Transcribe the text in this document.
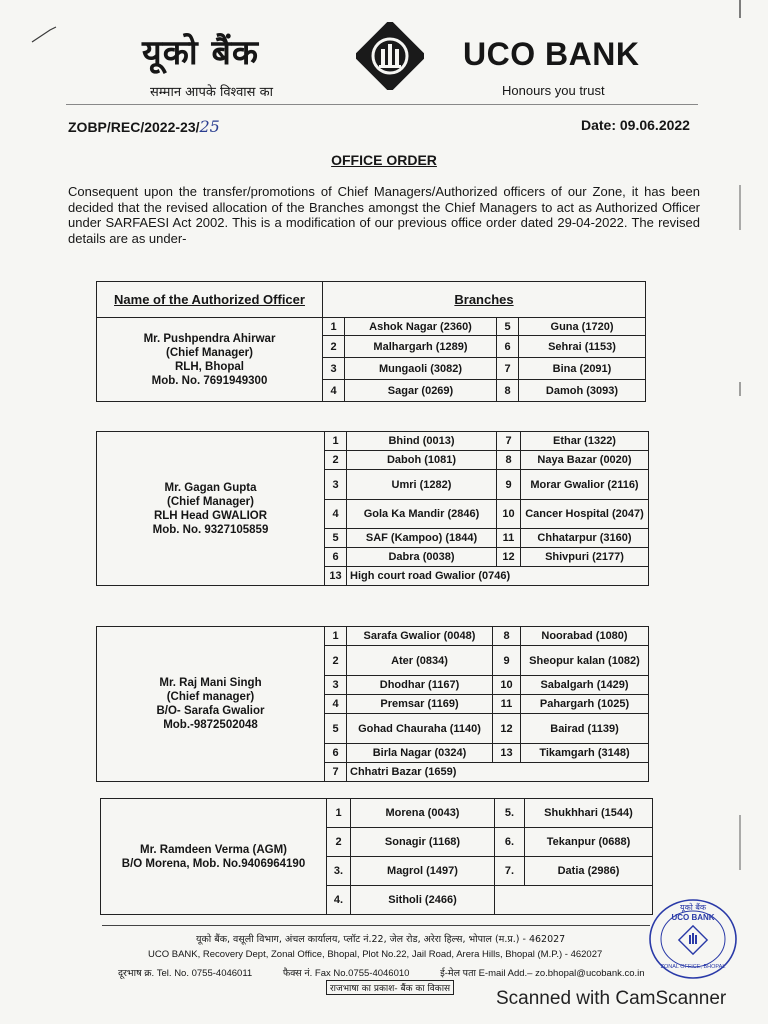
यूको बैंक
सम्मान आपके विश्वास का
UCO BANK
Honours you trust
ZOBP/REC/2022-23/25	Date: 09.06.2022
OFFICE ORDER
Consequent upon the transfer/promotions of Chief Managers/Authorized officers of our Zone, it has been decided that the revised allocation of the Branches amongst the Chief Managers to act as Authorized Officer under SARFAESI Act 2002. This is a modification of our previous office order dated 29-04-2022. The revised details are as under-
Name of the Authorized Officer	Branches			

Mr. Pushpendra Ahirwar
(Chief Manager)
RLH, Bhopal
Mob. No. 7691949300	1	Ashok Nagar (2360)	5	Guna (1720)
	2	Malhargarh (1289)	6	Sehrai (1153)
	3	Mungaoli (3082)	7	Bina (2091)
	4	Sagar (0269)	8	Damoh (3093)
Mr. Gagan Gupta
(Chief Manager)
RLH Head GWALIOR
Mob. No. 9327105859	1	Bhind (0013)	7	Ethar (1322)
	2	Daboh (1081)	8	Naya Bazar (0020)
	3	Umri (1282)	9	Morar Gwalior (2116)
	4	Gola Ka Mandir (2846)	10	Cancer Hospital (2047)
	5	SAF (Kampoo) (1844)	11	Chhatarpur (3160)
	6	Dabra (0038)	12	Shivpuri (2177)
	13	High court road Gwalior (0746)		
Mr. Raj Mani Singh
(Chief manager)
B/O- Sarafa Gwalior
Mob.-9872502048	1	Sarafa Gwalior (0048)	8	Noorabad (1080)
	2	Ater (0834)	9	Sheopur kalan (1082)
	3	Dhodhar (1167)	10	Sabalgarh (1429)
	4	Premsar (1169)	11	Pahargarh (1025)
	5	Gohad Chauraha (1140)	12	Bairad (1139)
	6	Birla Nagar (0324)	13	Tikamgarh (3148)
	7	Chhatri Bazar (1659)		
Mr. Ramdeen Verma (AGM)
B/O Morena, Mob. No.9406964190	1	Morena (0043)	5.	Shukhhari (1544)
	2	Sonagir (1168)	6.	Tekanpur (0688)
	3.	Magrol (1497)	7.	Datia (2986)
	4.	Sitholi (2466)		
यूको बैंक, वसूली विभाग, अंचल कार्यालय, प्लॉट नं.22, जेल रोड, अरेरा हिल्स, भोपाल (म.प्र.) - 462027
UCO BANK, Recovery Dept, Zonal Office, Bhopal, Plot No.22, Jail Road, Arera Hills, Bhopal (M.P.) - 462027
दूरभाष क्र. Tel. No. 0755-4046011	फैक्स नं. Fax No.0755-4046010	ई-मेल पता E-mail Add.– zo.bhopal@ucobank.co.in
राजभाषा का प्रकाश- बैंक का विकास
यूको बैंक
UCO BANK
ZONAL OFFICE, BHOPAL
Scanned with CamScanner
